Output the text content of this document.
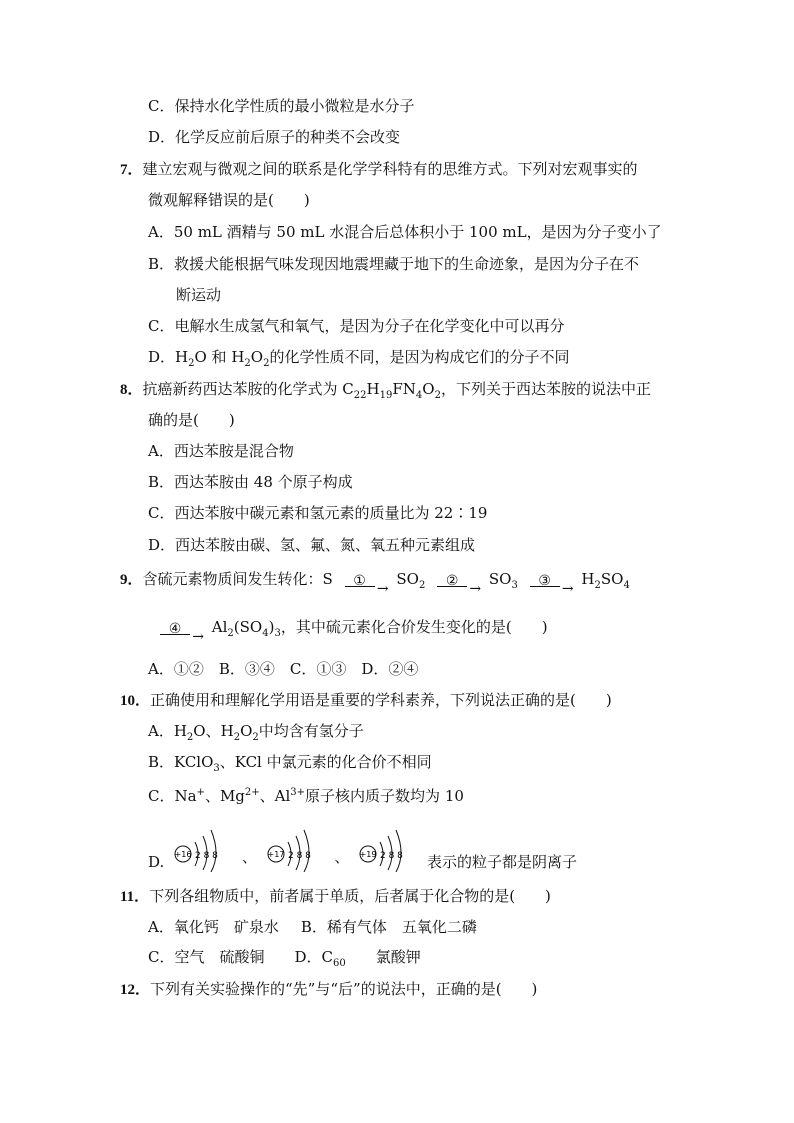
C．保持水化学性质的最小微粒是水分子
D．化学反应前后原子的种类不会改变
7．建立宏观与微观之间的联系是化学学科特有的思维方式。下列对宏观事实的
微观解释错误的是(　　)
A．50 mL 酒精与 50 mL 水混合后总体积小于 100 mL，是因为分子变小了
B．救援犬能根据气味发现因地震埋藏于地下的生命迹象，是因为分子在不
断运动
C．电解水生成氢气和氧气，是因为分子在化学变化中可以再分
D．$H_2O$ 和 $H_2O_2$的化学性质不同，是因为构成它们的分子不同
8．抗癌新药西达苯胺的化学式为 $C_{22}H_{19}FN_4O_2$，下列关于西达苯胺的说法中正
确的是(　　)
A．西达苯胺是混合物
B．西达苯胺由 48 个原子构成
C．西达苯胺中碳元素和氢元素的质量比为 22∶19
D．西达苯胺由碳、氢、氟、氮、氧五种元素组成
9．含硫元素物质间发生转化：S	① →	$SO_2$	② →	$SO_3$	③ →	$H_2SO_4$
④ →	$Al_2(SO_4)_3$，其中硫元素化合价发生变化的是(　　)
A．①②　B．③④　C．①③　D．②④
10．正确使用和理解化学用语是重要的学科素养，下列说法正确的是(　　)
A．$H_2O$、$H_2O_2$中均含有氢分子
B．KClO$_3$、KCl 中氯元素的化合价不相同
C．Na+、$Mg^{2+}$、$Al^{3+}$原子核内质子数均为 10
D. +16 2 8 8 、 +17 2 8 8 、 +19 2 8 8 表示的粒子都是阴离子
11．下列各组物质中，前者属于单质，后者属于化合物的是(　　)
A．氧化钙　矿泉水 B．稀有气体　五氧化二磷
C．空气　硫酸铜 D．$C_{60}$　　氯酸钾
12．下列有关实验操作的“先”与“后”的说法中，正确的是(　　)
